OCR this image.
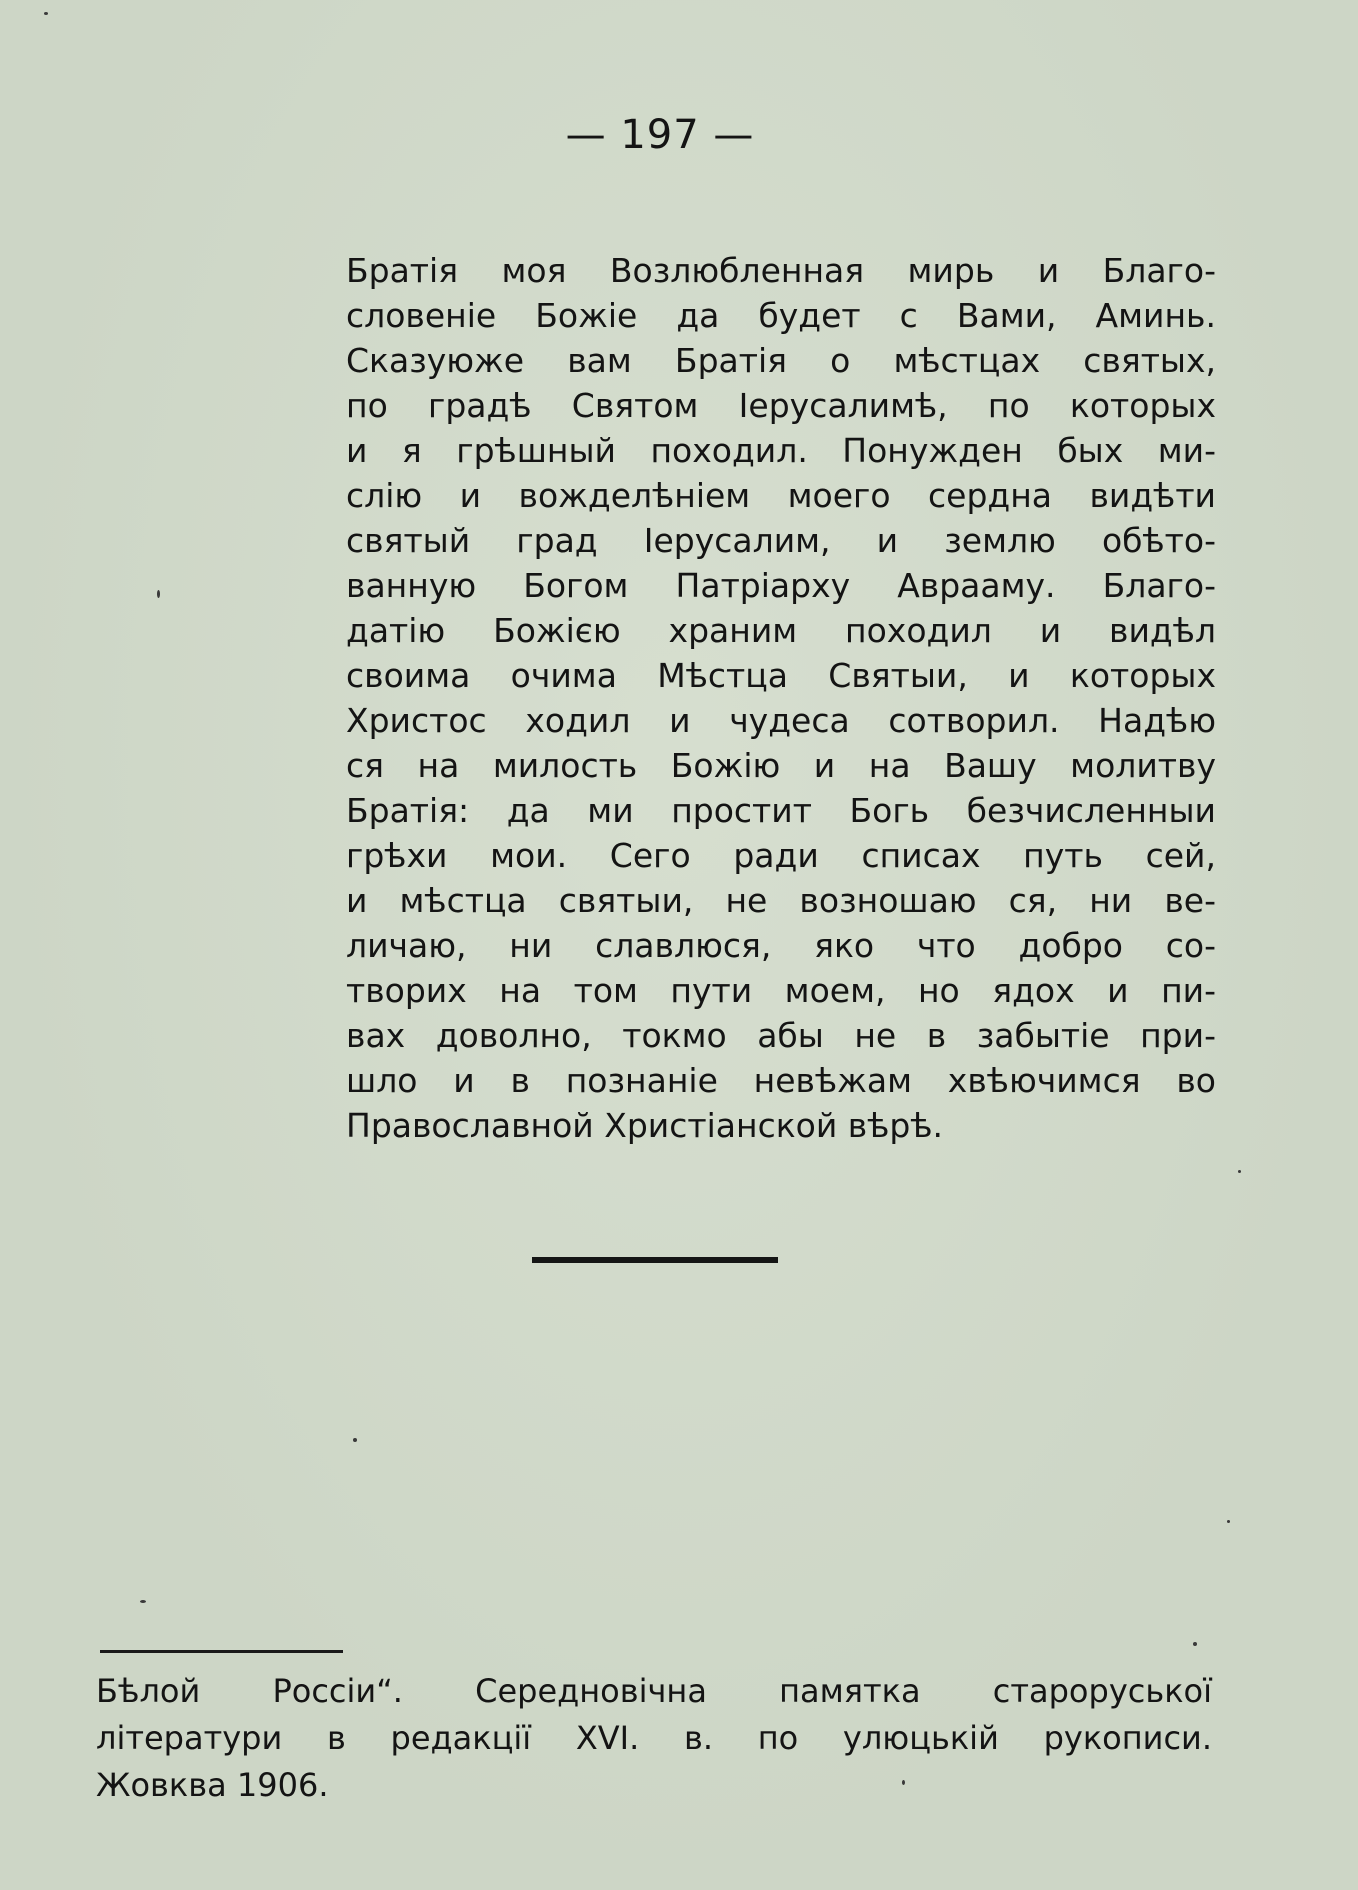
— 197 —
Братія моя Возлюбленная мирь и Благо-
словеніе Божіе да будет с Вами, Аминь.
Сказуюже вам Братія о мѣстцах святых,
по градѣ Святом Іерусалимѣ, по которых
и я грѣшный походил. Понужден бых ми-
слію и вожделѣніем моего сердна видѣти
святый град Іерусалим, и землю обѣто-
ванную Богом Патріарху Аврааму. Благо-
датію Божією храним походил и видѣл
своима очима Мѣстца Святыи, и которых
Христос ходил и чудеса сотворил. Надѣю
ся на милость Божію и на Вашу молитву
Братія: да ми простит Богь безчисленныи
грѣхи мои. Сего ради списах путь сей,
и мѣстца святыи, не возношаю ся, ни ве-
личаю, ни славлюся, яко что добро со-
творих на том пути моем, но ядох и пи-
вах доволно, токмо абы не в забытіе при-
шло и в познаніе невѣжам хвѣючимся во
Православной Христіанской вѣрѣ.
Бѣлой Россіи“. Середновічна памятка староруської
літератури в редакції XVI. в. по улюцькій рукописи.
Жовква 1906.
